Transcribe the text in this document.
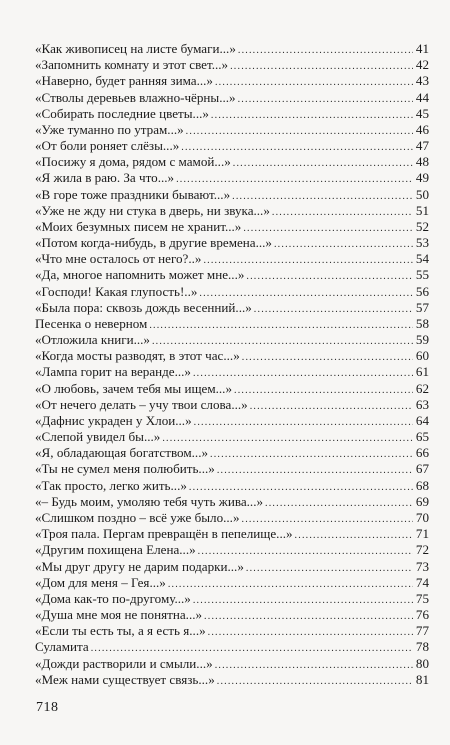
«Как живописец на листе бумаги...» .....	41
«Запомнить комнату и этот свет...» .....	42
«Наверно, будет ранняя зима...» .....	43
«Стволы деревьев влажно-чёрны...» .....	44
«Собирать последние цветы...» .....	45
«Уже туманно по утрам...» .....	46
«От боли роняет слёзы...» .....	47
«Посижу я дома, рядом с мамой...» .....	48
«Я жила в раю. За что...» .....	49
«В горе тоже праздники бывают...» .....	50
«Уже не жду ни стука в дверь, ни звука...» .....	51
«Моих безумных писем не хранит...» .....	52
«Потом когда-нибудь, в другие времена...» .....	53
«Что мне осталось от него?..» .....	54
«Да, многое напомнить может мне...» .....	55
«Господи! Какая глупость!..» .....	56
«Была пора: сквозь дождь весенний...» .....	57
Песенка о неверном .....	58
«Отложила книги...» .....	59
«Когда мосты разводят, в этот час...» .....	60
«Лампа горит на веранде...» .....	61
«О любовь, зачем тебя мы ищем...» .....	62
«От нечего делать – учу твои слова...» .....	63
«Дафнис украден у Хлои...» .....	64
«Слепой увидел бы...» .....	65
«Я, обладающая богатством...» .....	66
«Ты не сумел меня полюбить...» .....	67
«Так просто, легко жить...» .....	68
«– Будь моим, умоляю тебя чуть жива...» .....	69
«Слишком поздно – всё уже было...» .....	70
«Троя пала. Пергам превращён в пепелище...» .....	71
«Другим похищена Елена...» .....	72
«Мы друг другу не дарим подарки...» .....	73
«Дом для меня – Гея...» .....	74
«Дома как-то по-другому...» .....	75
«Душа мне моя не понятна...» .....	76
«Если ты есть ты, а я есть я...» .....	77
Суламита .....	78
«Дожди растворили и смыли...» .....	80
«Меж нами существует связь...» .....	81
718
